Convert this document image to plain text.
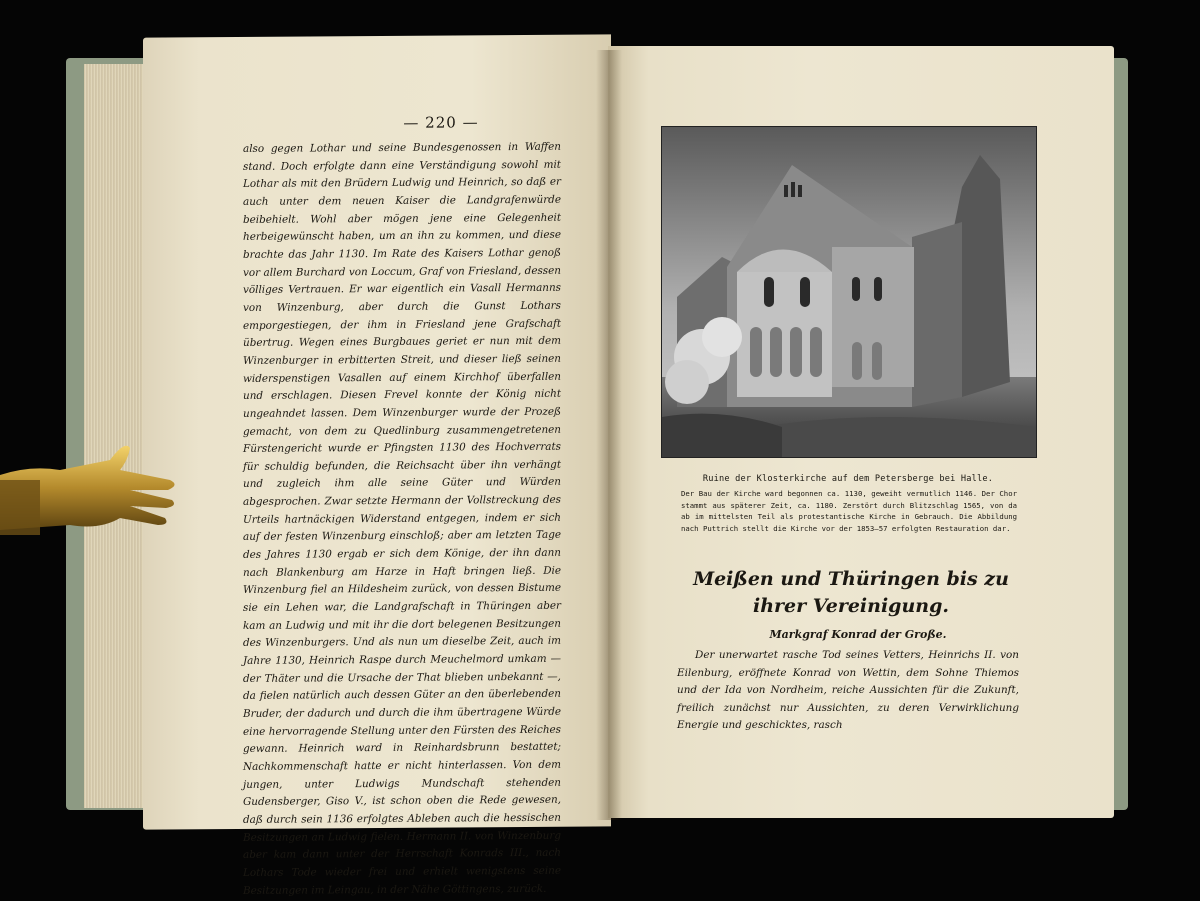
— 220 —
also gegen Lothar und seine Bundesgenossen in Waffen stand. Doch erfolgte dann eine Verständigung sowohl mit Lothar als mit den Brüdern Ludwig und Heinrich, so daß er auch unter dem neuen Kaiser die Landgrafenwürde beibehielt. Wohl aber mögen jene eine Gelegenheit herbeigewünscht haben, um an ihn zu kommen, und diese brachte das Jahr 1130. Im Rate des Kaisers Lothar genoß vor allem Burchard von Loccum, Graf von Friesland, dessen völliges Vertrauen. Er war eigentlich ein Vasall Hermanns von Winzenburg, aber durch die Gunst Lothars emporgestiegen, der ihm in Friesland jene Grafschaft übertrug. Wegen eines Burgbaues geriet er nun mit dem Winzenburger in erbitterten Streit, und dieser ließ seinen widerspenstigen Vasallen auf einem Kirchhof überfallen und erschlagen. Diesen Frevel konnte der König nicht ungeahndet lassen. Dem Winzenburger wurde der Prozeß gemacht, von dem zu Quedlinburg zusammengetretenen Fürstengericht wurde er Pfingsten 1130 des Hochverrats für schuldig befunden, die Reichsacht über ihn verhängt und zugleich ihm alle seine Güter und Würden abgesprochen. Zwar setzte Hermann der Vollstreckung des Urteils hartnäckigen Widerstand entgegen, indem er sich auf der festen Winzenburg einschloß; aber am letzten Tage des Jahres 1130 ergab er sich dem Könige, der ihn dann nach Blankenburg am Harze in Haft bringen ließ. Die Winzenburg fiel an Hildesheim zurück, von dessen Bistume sie ein Lehen war, die Landgrafschaft in Thüringen aber kam an Ludwig und mit ihr die dort belegenen Besitzungen des Winzenburgers. Und als nun um dieselbe Zeit, auch im Jahre 1130, Heinrich Raspe durch Meuchelmord umkam — der Thäter und die Ursache der That blieben unbekannt —, da fielen natürlich auch dessen Güter an den überlebenden Bruder, der dadurch und durch die ihm übertragene Würde eine hervorragende Stellung unter den Fürsten des Reiches gewann. Heinrich ward in Reinhardsbrunn bestattet; Nachkommenschaft hatte er nicht hinterlassen. Von dem jungen, unter Ludwigs Mundschaft stehenden Gudensberger, Giso V., ist schon oben die Rede gewesen, daß durch sein 1136 erfolgtes Ableben auch die hessischen Besitzungen an Ludwig fielen. Hermann II. von Winzenburg aber kam dann unter der Herrschaft Konrads III., nach Lothars Tode wieder frei und erhielt wenigstens seine Besitzungen im Leingau, in der Nähe Göttingens, zurück.
Ruine der Klosterkirche auf dem Petersberge bei Halle.
Der Bau der Kirche ward begonnen ca. 1130, geweiht vermutlich 1146. Der Chor stammt aus späterer Zeit, ca. 1180. Zerstört durch Blitzschlag 1565, von da ab im mittelsten Teil als protestantische Kirche in Gebrauch. Die Abbildung nach Puttrich stellt die Kirche vor der 1853—57 erfolgten Restauration dar.
Meißen und Thüringen bis zu ihrer Vereinigung.
Markgraf Konrad der Große.
Der unerwartet rasche Tod seines Vetters, Heinrichs II. von Eilenburg, eröffnete Konrad von Wettin, dem Sohne Thiemos und der Ida von Nordheim, reiche Aussichten für die Zukunft, freilich zunächst nur Aussichten, zu deren Verwirklichung Energie und geschicktes, rasch
